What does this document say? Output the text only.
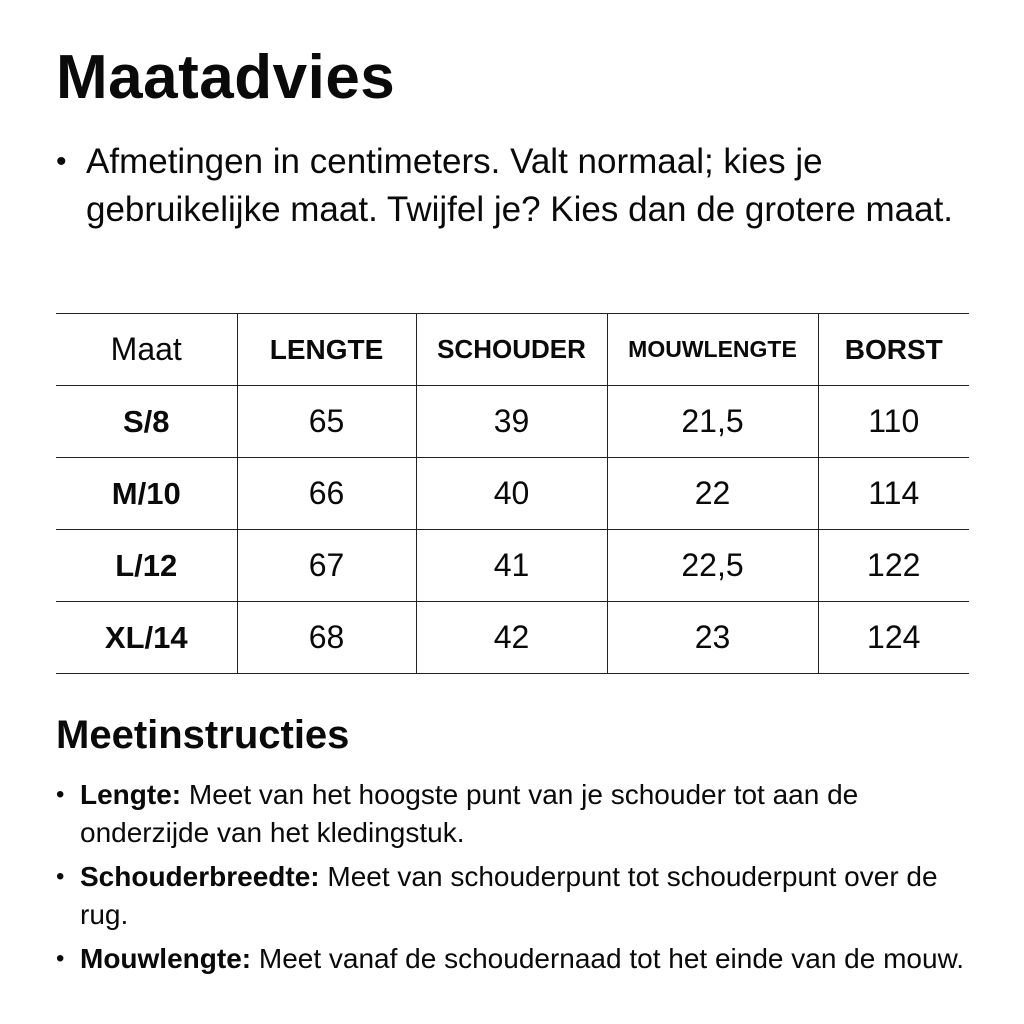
Maatadvies
• Afmetingen in centimeters. Valt normaal; kies je gebruikelijke maat. Twijfel je? Kies dan de grotere maat.
Maat	LENGTE	SCHOUDER	MOUWLENGTE	BORST
S/8	65	39	21,5	110
M/10	66	40	22	114
L/12	67	41	22,5	122
XL/14	68	42	23	124
Meetinstructies
• Lengte: Meet van het hoogste punt van je schouder tot aan de onderzijde van het kledingstuk.
• Schouderbreedte: Meet van schouderpunt tot schouderpunt over de rug.
• Mouwlengte: Meet vanaf de schoudernaad tot het einde van de mouw.
